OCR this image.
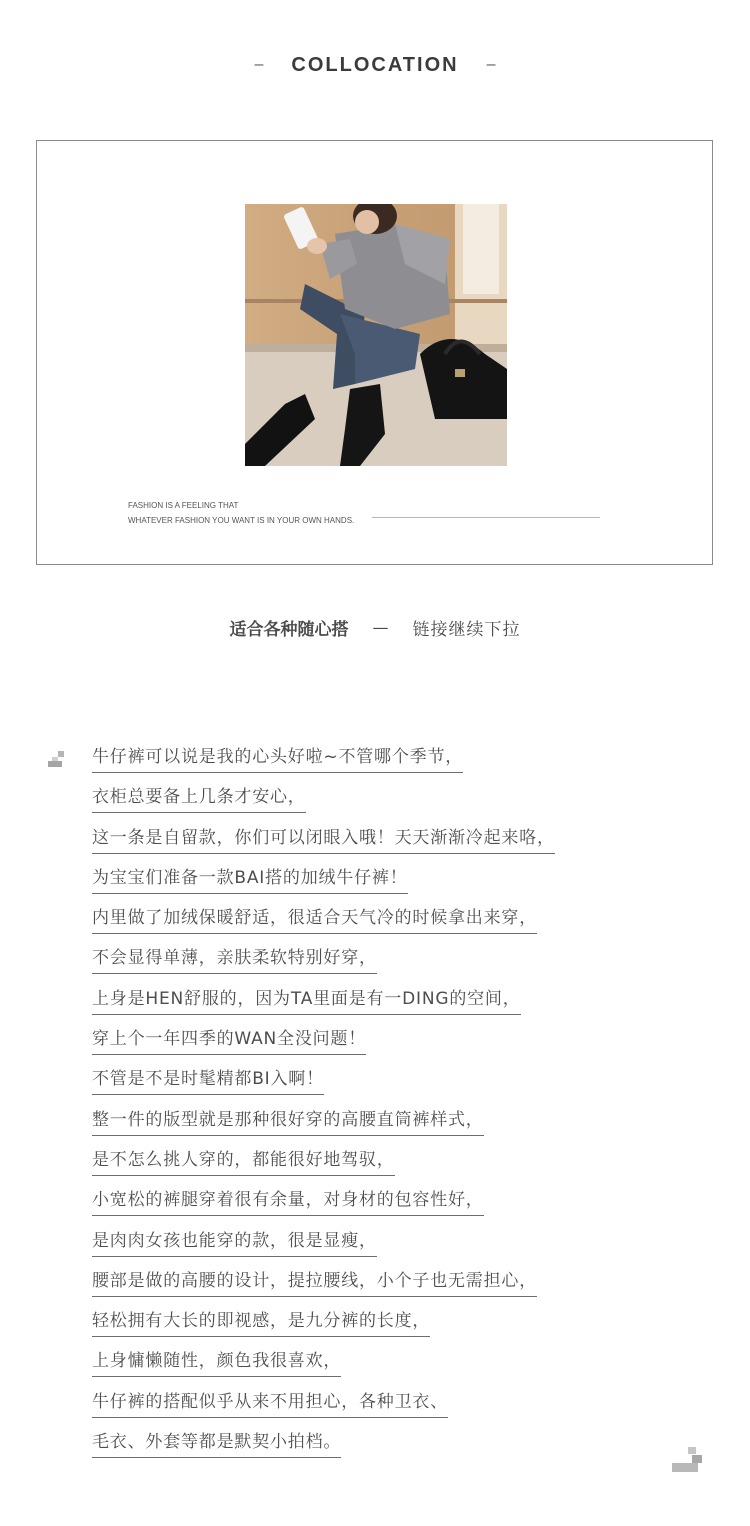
– COLLOCATION –
FASHION IS A FEELING THAT
WHATEVER FASHION YOU WANT IS IN YOUR OWN HANDS.
适合各种随心搭 — 链接继续下拉
牛仔裤可以说是我的心头好啦~不管哪个季节，
衣柜总要备上几条才安心，
这一条是自留款，你们可以闭眼入哦！天天渐渐冷起来咯，
为宝宝们准备一款BAI搭的加绒牛仔裤！
内里做了加绒保暖舒适，很适合天气冷的时候拿出来穿，
不会显得单薄，亲肤柔软特别好穿，
上身是HEN舒服的，因为TA里面是有一DING的空间，
穿上个一年四季的WAN全没问题！
不管是不是时髦精都BI入啊！
整一件的版型就是那种很好穿的高腰直筒裤样式，
是不怎么挑人穿的，都能很好地驾驭，
小宽松的裤腿穿着很有余量，对身材的包容性好，
是肉肉女孩也能穿的款，很是显瘦，
腰部是做的高腰的设计，提拉腰线，小个子也无需担心，
轻松拥有大长的即视感，是九分裤的长度，
上身慵懒随性，颜色我很喜欢，
牛仔裤的搭配似乎从来不用担心，各种卫衣、
毛衣、外套等都是默契小拍档。
